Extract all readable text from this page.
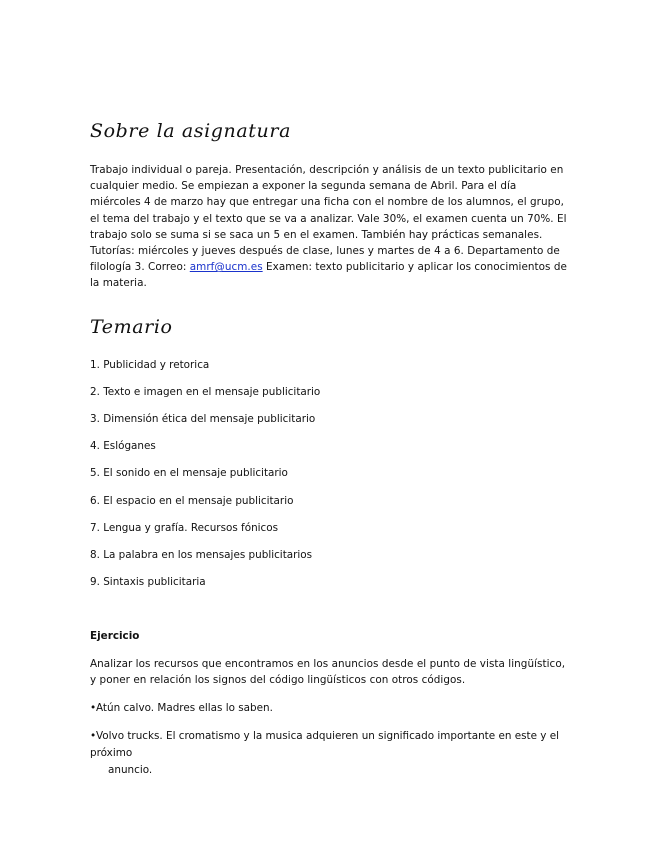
Sobre la asignatura

Trabajo individual o pareja. Presentación, descripción y análisis de un texto publicitario en cualquier medio. Se empiezan a exponer la segunda semana de Abril. Para el día miércoles 4 de marzo hay que entregar una ficha con el nombre de los alumnos, el grupo, el tema del trabajo y el texto que se va a analizar. Vale 30%, el examen cuenta un 70%. El trabajo solo se suma si se saca un 5 en el examen. También hay prácticas semanales. Tutorías: miércoles y jueves después de clase, lunes y martes de 4 a 6. Departamento de filología 3. Correo: amrf@ucm.es Examen: texto publicitario y aplicar los conocimientos de la materia.

Temario

1. Publicidad y retorica

2. Texto e imagen en el mensaje publicitario

3. Dimensión ética del mensaje publicitario

4. Eslóganes

5. El sonido en el mensaje publicitario

6. El espacio en el mensaje publicitario

7. Lengua y grafía. Recursos fónicos

8. La palabra en los mensajes publicitarios

9. Sintaxis publicitaria

Ejercicio

Analizar los recursos que encontramos en los anuncios desde el punto de vista lingüístico, y poner en relación los signos del código lingüísticos con otros códigos.

•Atún calvo. Madres ellas lo saben.

•Volvo trucks. El cromatismo y la musica adquieren un significado importante en este y el próximo
anuncio.
